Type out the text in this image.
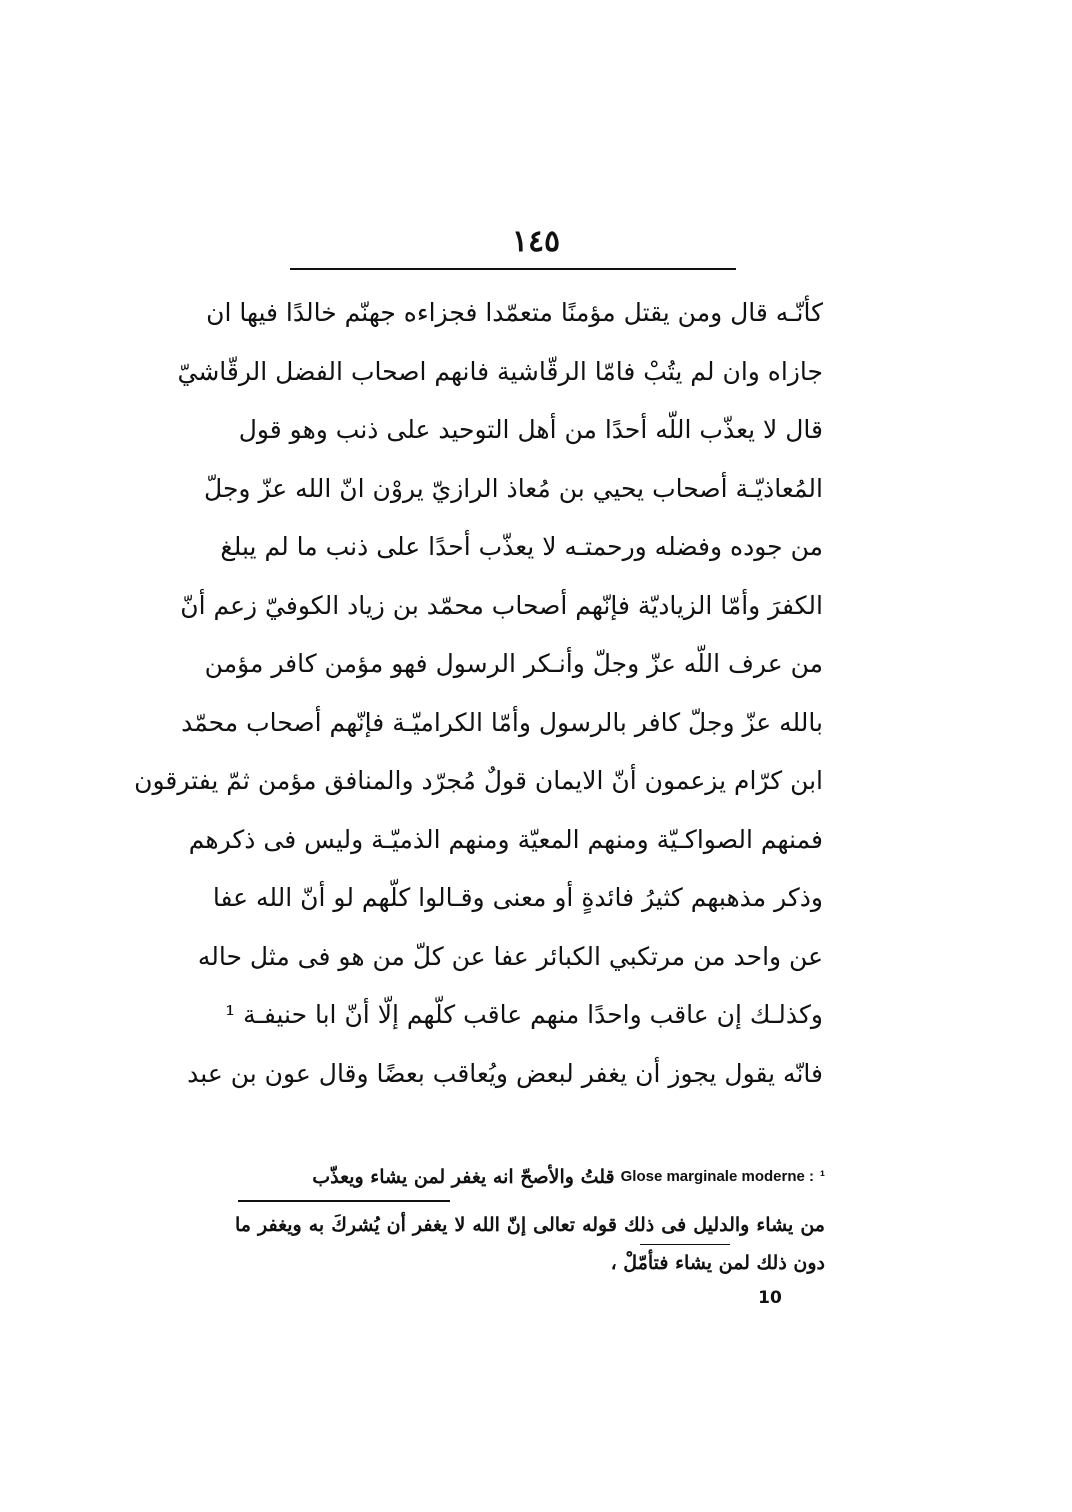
١٤٥
كأنّـه قال ومن يقتل مؤمنًا متعمّدا فجزاءه جهنّم خالدًا فيها ان
جازاه وان لم يتُبْ فامّا الرقّاشية فانهم اصحاب الفضل الرقّاشيّ
قال لا يعذّب اللّه أحدًا من أهل التوحيد على ذنب وهو قول
المُعاذيّـة أصحاب يحيي بن مُعاذ الرازيّ يروْن انّ الله عزّ وجلّ
من جوده وفضله ورحمتـه لا يعذّب أحدًا على ذنب ما لم يبلغ
الكفرَ وأمّا الزياديّة فإنّهم أصحاب محمّد بن زياد الكوفيّ زعم أنّ
من عرف اللّه عزّ وجلّ وأنـكر الرسول فهو مؤمن كافر مؤمن
بالله عزّ وجلّ كافر بالرسول وأمّا الكراميّـة فإنّهم أصحاب محمّد
ابن كرّام يزعمون أنّ الايمان قولٌ مُجرّد والمنافق مؤمن ثمّ يفترقون
فمنهم الصواكـيّة ومنهم المعيّة ومنهم الذميّـة وليس فى ذكرهم
وذكر مذهبهم كثيرُ فائدةٍ أو معنى وقـالوا كلّهم لو أنّ الله عفا
عن واحد من مرتكبي الكبائر عفا عن كلّ من هو فى مثل حاله
وكذلـك إن عاقب واحدًا منهم عاقب كلّهم إلّا أنّ ابا حنيفـة ¹
فانّه يقول يجوز أن يغفر لبعض ويُعاقب بعضًا وقال عون بن عبد
قلتُ والأصحّ انه يغفر لمن يشاء ويعذّب Glose marginale moderne : ¹
من يشاء والدليل فى ذلك قوله تعالى إنّ الله لا يغفر أن يُشركَ به ويغفر ما
دون ذلك لمن يشاء فتأمّلْ ،
10
